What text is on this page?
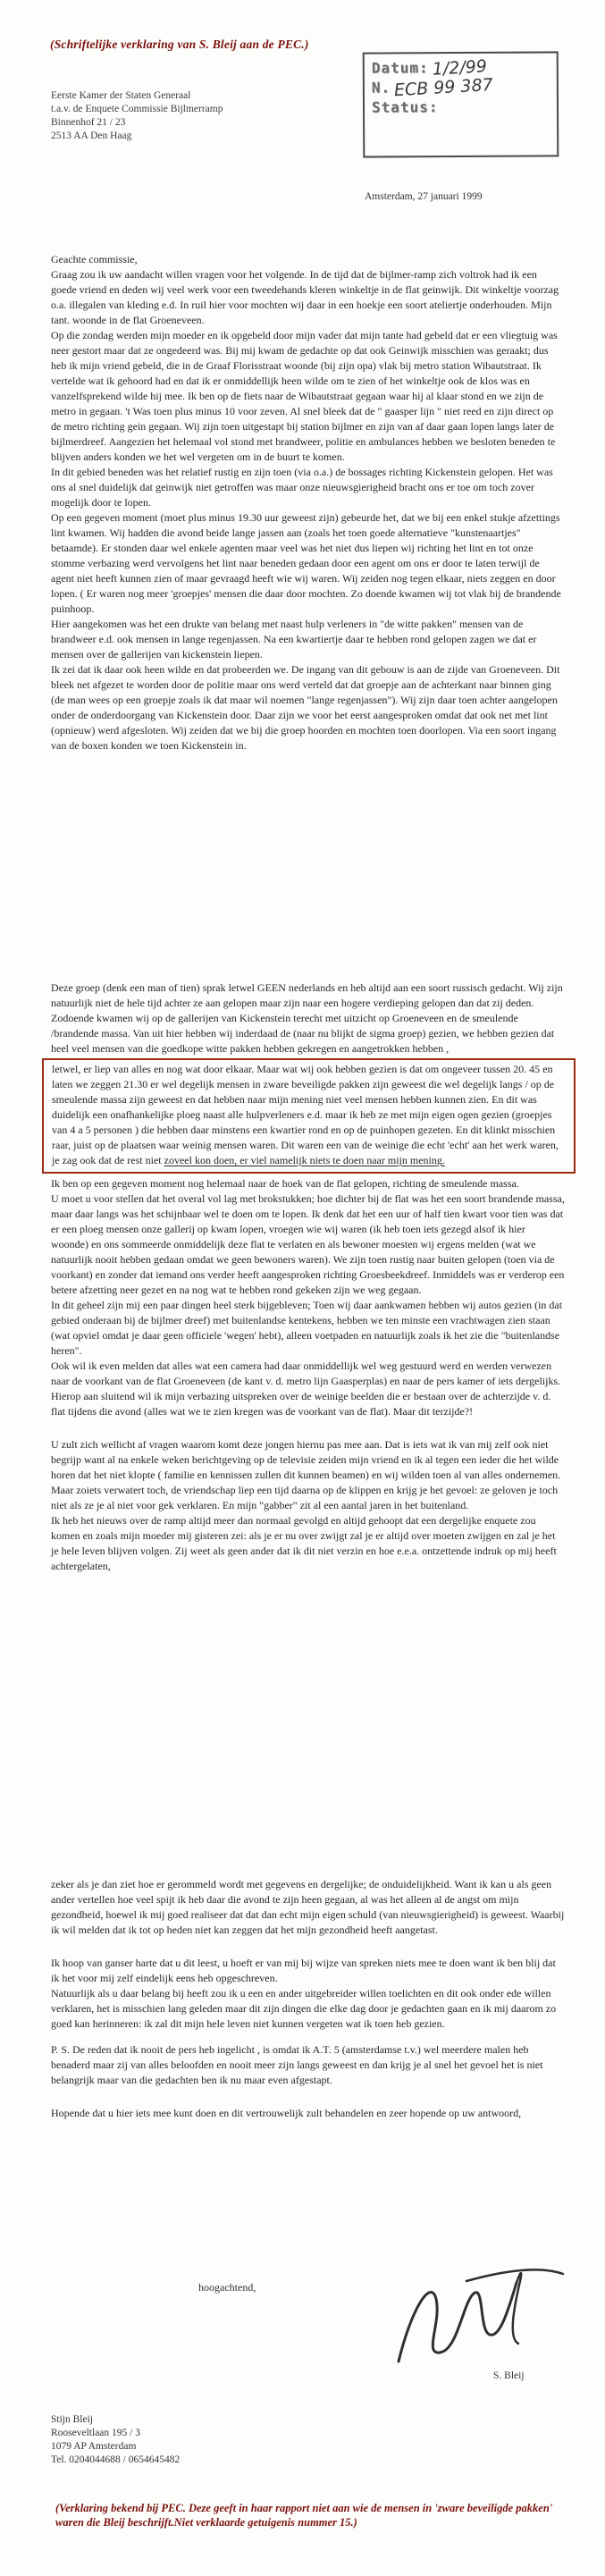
(Schriftelijke verklaring van S. Bleij aan de PEC.)
Eerste Kamer der Staten Generaal
t.a.v. de Enquete Commissie Bijlmerramp
Binnenhof 21 / 23
2513 AA Den Haag
Datum: 1/2/99
N. ECB 99 387
Status:
Amsterdam, 27 januari 1999

Geachte commissie,

Graag zou ik uw aandacht willen vragen voor het volgende. In de tijd dat de bijlmer-ramp zich voltrok had ik een goede vriend en deden wij veel werk voor een tweedehands kleren winkeltje in de flat geinwijk. Dit winkeltje voorzag o.a. illegalen van kleding e.d. In ruil hier voor mochten wij daar in een hoekje een soort ateliertje onderhouden. Mijn tant. woonde in de flat Groeneveen.

Op die zondag werden mijn moeder en ik opgebeld door mijn vader dat mijn tante had gebeld dat er een vliegtuig was neer gestort maar dat ze ongedeerd was. Bij mij kwam de gedachte op dat ook Geinwijk misschien was geraakt; dus heb ik mijn vriend gebeld, die in de Graaf Florisstraat woonde (bij zijn opa) vlak bij metro station Wibautstraat. Ik vertelde wat ik gehoord had en dat ik er onmiddellijk heen wilde om te zien of het winkeltje ook de klos was en vanzelfsprekend wilde hij mee. Ik ben op de fiets naar de Wibautstraat gegaan waar hij al klaar stond en we zijn de metro in gegaan. 't Was toen plus minus 10 voor zeven. Al snel bleek dat de " gaasper lijn " niet reed en zijn direct op de metro richting gein gegaan. Wij zijn toen uitgestapt bij station bijlmer en zijn van af daar gaan lopen langs later de bijlmerdreef. Aangezien het helemaal vol stond met brandweer, politie en ambulances hebben we besloten beneden te blijven anders konden we het wel vergeten om in de buurt te komen.

In dit gebied beneden was het relatief rustig en zijn toen (via o.a.) de bossages richting Kickenstein gelopen. Het was ons al snel duidelijk dat geinwijk niet getroffen was maar onze nieuwsgierigheid bracht ons er toe om toch zover mogelijk door te lopen.

Op een gegeven moment (moet plus minus 19.30 uur geweest zijn) gebeurde het, dat we bij een enkel stukje afzettings lint kwamen. Wij hadden die avond beide lange jassen aan (zoals het toen goede alternatieve "kunstenaartjes" betaamde). Er stonden daar wel enkele agenten maar veel was het niet dus liepen wij richting het lint en tot onze stomme verbazing werd vervolgens het lint naar beneden gedaan door een agent om ons er door te laten terwijl de agent niet heeft kunnen zien of maar gevraagd heeft wie wij waren. Wij zeiden nog tegen elkaar, niets zeggen en door lopen. ( Er waren nog meer 'groepjes' mensen die daar door mochten. Zo doende kwamen wij tot vlak bij de brandende puinhoop.

Hier aangekomen was het een drukte van belang met naast hulp verleners in "de witte pakken" mensen van de brandweer e.d. ook mensen in lange regenjassen. Na een kwartiertje daar te hebben rond gelopen zagen we dat er mensen over de gallerijen van kickenstein liepen.

Ik zei dat ik daar ook heen wilde en dat probeerden we. De ingang van dit gebouw is aan de zijde van Groeneveen. Dit bleek net afgezet te worden door de politie maar ons werd verteld dat dat groepje aan de achterkant naar binnen ging (de man wees op een groepje zoals ik dat maar wil noemen "lange regenjassen"). Wij zijn daar toen achter aangelopen onder de onderdoorgang van Kickenstein door. Daar zijn we voor het eerst aangesproken omdat dat ook net met lint (opnieuw) werd afgesloten. Wij zeiden dat we bij die groep hoorden en mochten toen doorlopen. Via een soort ingang van de boxen konden we toen Kickenstein in.

Deze groep (denk een man of tien) sprak letwel GEEN nederlands en heb altijd aan een soort russisch gedacht. Wij zijn natuurlijk niet de hele tijd achter ze aan gelopen maar zijn naar een hogere verdieping gelopen dan dat zij deden. Zodoende kwamen wij op de gallerijen van Kickenstein terecht met uitzicht op Groeneveen en de smeulende /brandende massa. Van uit hier hebben wij inderdaad de (naar nu blijkt de sigma groep) gezien, we hebben gezien dat heel veel mensen van die goedkope witte pakken hebben gekregen en aangetrokken hebben ,

letwel, er liep van alles en nog wat door elkaar. Maar wat wij ook hebben gezien is dat om ongeveer tussen 20. 45 en laten we zeggen 21.30 er wel degelijk mensen in zware beveiligde pakken zijn geweest die wel degelijk langs / op de smeulende massa zijn geweest en dat hebben naar mijn mening niet veel mensen hebben kunnen zien. En dit was duidelijk een onafhankelijke ploeg naast alle hulpverleners e.d. maar ik heb ze met mijn eigen ogen gezien (groepjes van 4 a 5 personen ) die hebben daar minstens een kwartier rond en op de puinhopen gezeten. En dit klinkt misschien raar, juist op de plaatsen waar weinig mensen waren. Dit waren een van de weinige die echt 'echt' aan het werk waren, je zag ook dat de rest niet zoveel kon doen, er viel namelijk niets te doen naar mijn mening.

Ik ben op een gegeven moment nog helemaal naar de hoek van de flat gelopen, richting de smeulende massa.

U moet u voor stellen dat het overal vol lag met brokstukken; hoe dichter bij de flat was het een soort brandende massa, maar daar langs was het schijnbaar wel te doen om te lopen. Ik denk dat het een uur of half tien kwart voor tien was dat er een ploeg mensen onze gallerij op kwam lopen, vroegen wie wij waren (ik heb toen iets gezegd alsof ik hier woonde) en ons sommeerde onmiddelijk deze flat te verlaten en als bewoner moesten wij ergens melden (wat we natuurlijk nooit hebben gedaan omdat we geen bewoners waren). We zijn toen rustig naar buiten gelopen (toen via de voorkant) en zonder dat iemand ons verder heeft aangesproken richting Groesbeekdreef. Inmiddels was er verderop een betere afzetting neer gezet en na nog wat te hebben rond gekeken zijn we weg gegaan.

In dit geheel zijn mij een paar dingen heel sterk bijgebleven; Toen wij daar aankwamen hebben wij autos gezien (in dat gebied onderaan bij de bijlmer dreef) met buitenlandse kentekens, hebben we ten minste een vrachtwagen zien staan (wat opviel omdat je daar geen officiele 'wegen' hebt), alleen voetpaden en natuurlijk zoals ik het zie die "buitenlandse heren".

Ook wil ik even melden dat alles wat een camera had daar onmiddellijk wel weg gestuurd werd en werden verwezen naar de voorkant van de flat Groeneveen (de kant v. d. metro lijn Gaasperplas) en naar de pers kamer of iets dergelijks. Hierop aan sluitend wil ik mijn verbazing uitspreken over de weinige beelden die er bestaan over de achterzijde v. d. flat tijdens die avond (alles wat we te zien kregen was de voorkant van de flat). Maar dit terzijde?!

U zult zich wellicht af vragen waarom komt deze jongen hiernu pas mee aan. Dat is iets wat ik van mij zelf ook niet begrijp want al na enkele weken berichtgeving op de televisie zeiden mijn vriend en ik al tegen een ieder die het wilde horen dat het niet klopte ( familie en kennissen zullen dit kunnen beamen) en wij wilden toen al van alles ondernemen.

Maar zoiets verwatert toch, de vriendschap liep een tijd daarna op de klippen en krijg je het gevoel: ze geloven je toch niet als ze je al niet voor gek verklaren. En mijn "gabber" zit al een aantal jaren in het buitenland.

Ik heb het nieuws over de ramp altijd meer dan normaal gevolgd en altijd gehoopt dat een dergelijke enquete zou komen en zoals mijn moeder mij gisteren zei: als je er nu over zwijgt zal je er altijd over moeten zwijgen en zal je het je hele leven blijven volgen. Zij weet als geen ander dat ik dit niet verzin en hoe e.e.a. ontzettende indruk op mij heeft achtergelaten,

zeker als je dan ziet hoe er gerommeld wordt met gegevens en dergelijke; de onduidelijkheid. Want ik kan u als geen ander vertellen hoe veel spijt ik heb daar die avond te zijn heen gegaan, al was het alleen al de angst om mijn gezondheid, hoewel ik mij goed realiseer dat dat dan echt mijn eigen schuld (van nieuwsgierigheid) is geweest. Waarbij ik wil melden dat ik tot op heden niet kan zeggen dat het mijn gezondheid heeft aangetast.

Ik hoop van ganser harte dat u dit leest, u hoeft er van mij bij wijze van spreken niets mee te doen want ik ben blij dat ik het voor mij zelf eindelijk eens heb opgeschreven.

Natuurlijk als u daar belang bij heeft zou ik u een en ander uitgebreider willen toelichten en dit ook onder ede willen verklaren, het is misschien lang geleden maar dit zijn dingen die elke dag door je gedachten gaan en ik mij daarom zo goed kan herinneren: ik zal dit mijn hele leven niet kunnen vergeten wat ik toen heb gezien.

P. S. De reden dat ik nooit de pers heb ingelicht , is omdat ik A.T. 5 (amsterdamse t.v.) wel meerdere malen heb benaderd maar zij van alles beloofden en nooit meer zijn langs geweest en dan krijg je al snel het gevoel het is niet belangrijk maar van die gedachten ben ik nu maar even afgestapt.

Hopende dat u hier iets mee kunt doen en dit vertrouwelijk zult behandelen en zeer hopende op uw antwoord,

hoogachtend,
S. Bleij
Stijn Bleij
Rooseveltlaan 195 / 3
1079 AP Amsterdam
Tel. 0204044688 / 0654645482
(Verklaring bekend bij PEC. Deze geeft in haar rapport niet aan wie de mensen in 'zware beveiligde pakken' waren die Bleij beschrijft.Niet verklaarde getuigenis nummer 15.)
